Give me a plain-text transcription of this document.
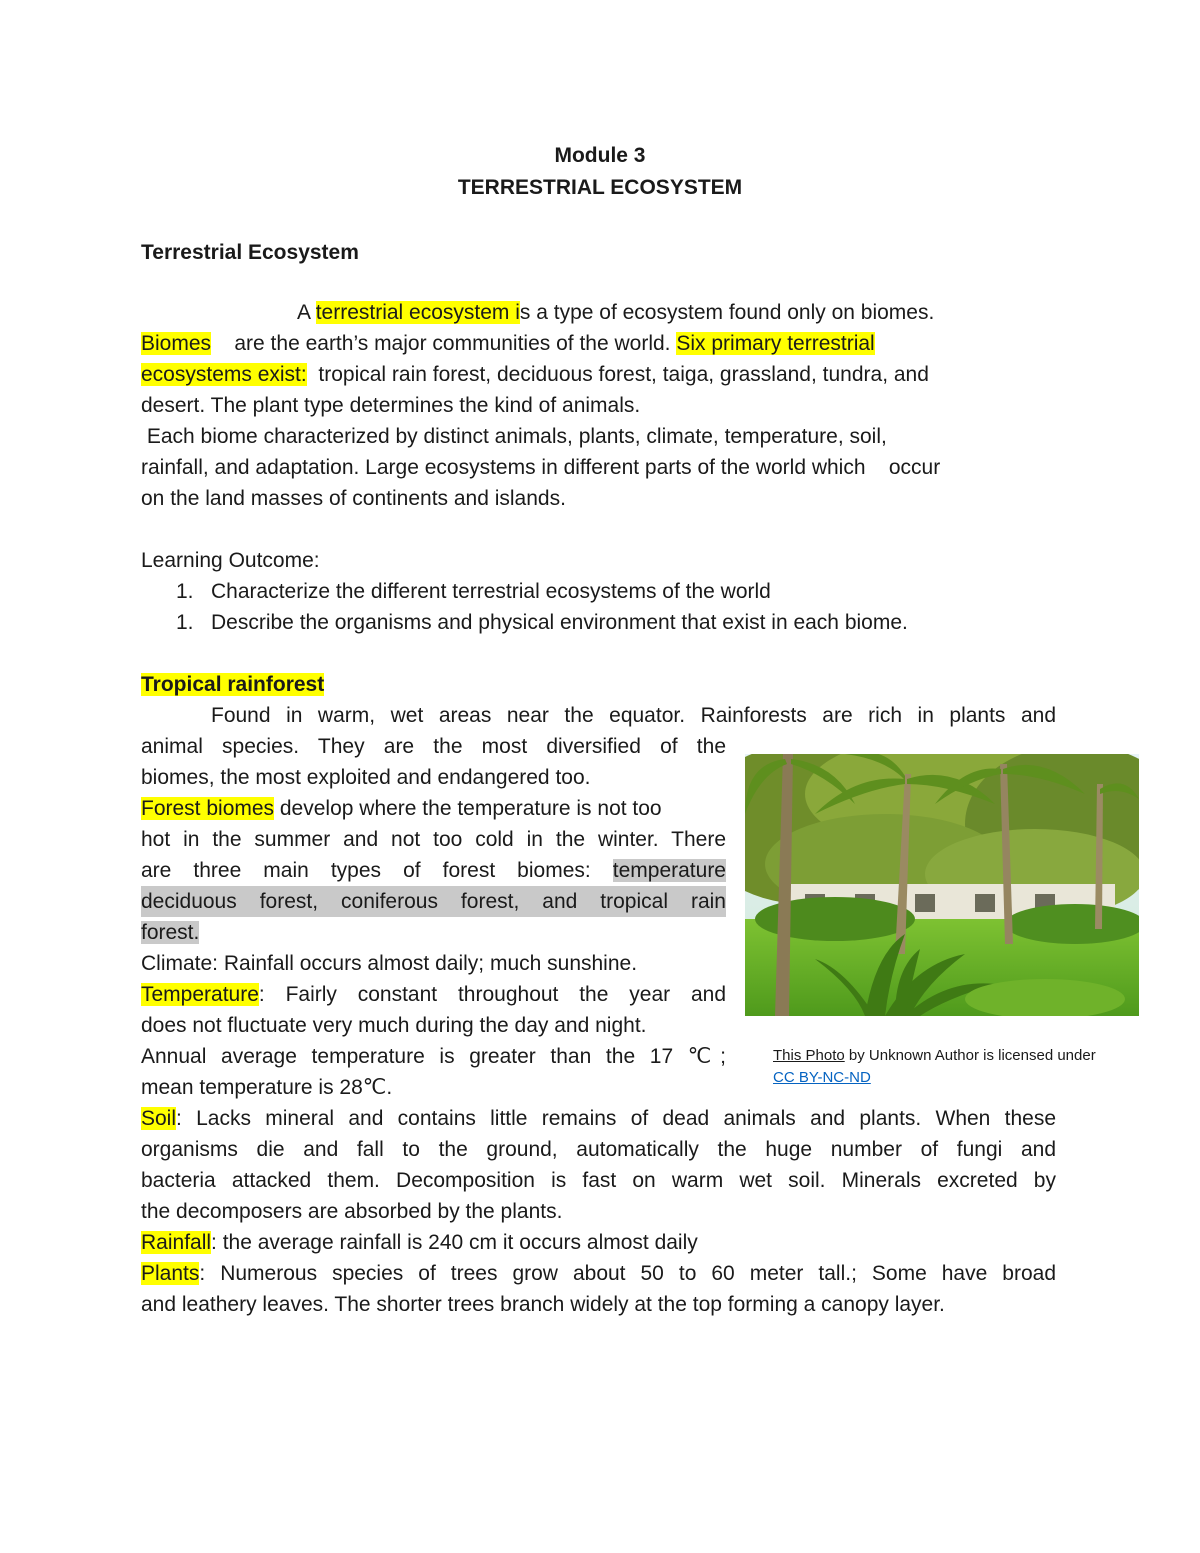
Module 3
TERRESTRIAL ECOSYSTEM
Terrestrial Ecosystem
A terrestrial ecosystem is a type of ecosystem found only on biomes.
Biomes    are the earth’s major communities of the world. Six primary terrestrial
ecosystems exist:  tropical rain forest, deciduous forest, taiga, grassland, tundra, and
desert. The plant type determines the kind of animals.
Each biome characterized by distinct animals, plants, climate, temperature, soil,
rainfall, and adaptation. Large ecosystems in different parts of the world which    occur
on the land masses of continents and islands.
Learning Outcome:
1. Characterize the different terrestrial ecosystems of the world
1. Describe the organisms and physical environment that exist in each biome.
Tropical rainforest
Found in warm, wet areas near the equator. Rainforests are rich in plants and
animal species. They are the most diversified of the
biomes, the most exploited and endangered too.
Forest biomes develop where the temperature is not too
hot in the summer and not too cold in the winter. There
are three main types of forest biomes: temperature
deciduous forest, coniferous forest, and tropical rain
forest.
Climate: Rainfall occurs almost daily; much sunshine.
Temperature: Fairly constant throughout the year and
does not fluctuate very much during the day and night.
Annual average temperature is greater than the 17 ℃;
mean temperature is 28℃.
Soil: Lacks mineral and contains little remains of dead animals and plants. When these
organisms die and fall to the ground, automatically the huge number of fungi and
bacteria attacked them. Decomposition is fast on warm wet soil. Minerals excreted by
the decomposers are absorbed by the plants.
Rainfall: the average rainfall is 240 cm it occurs almost daily
Plants: Numerous species of trees grow about 50 to 60 meter tall.; Some have broad
and leathery leaves. The shorter trees branch widely at the top forming a canopy layer.
This Photo by Unknown Author is licensed under
CC BY-NC-ND
